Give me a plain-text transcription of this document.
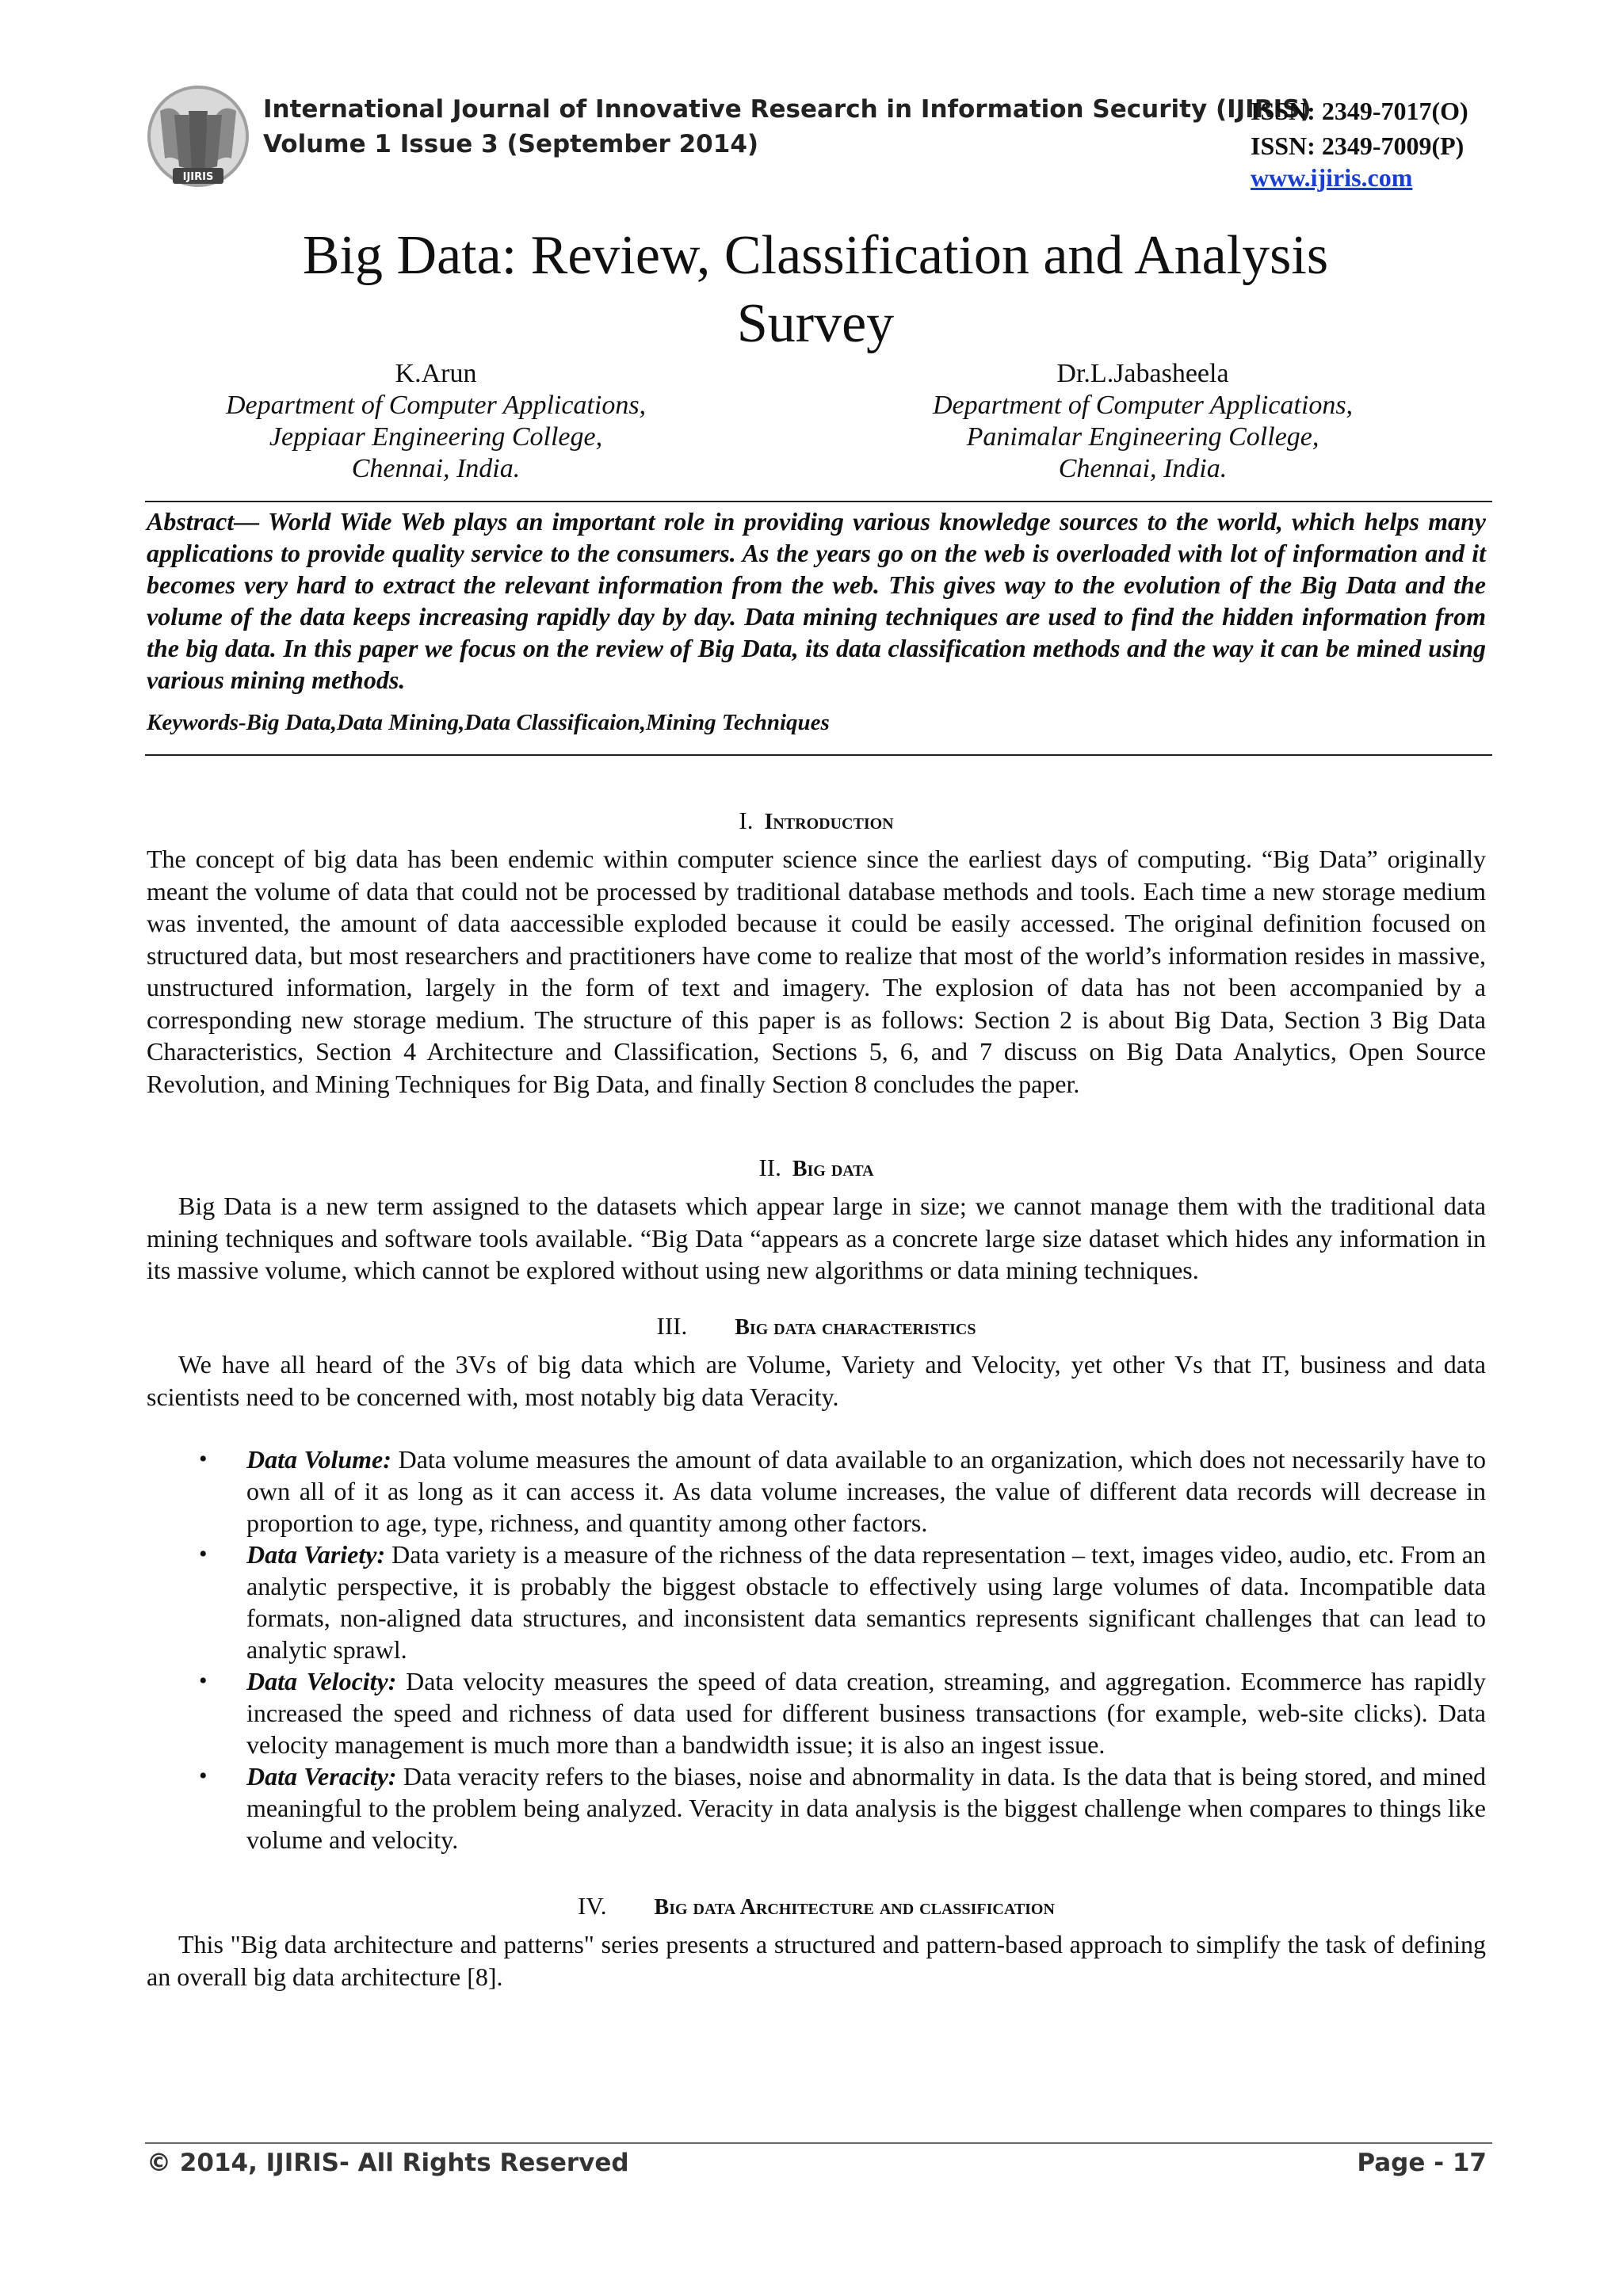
IJIRIS
International Journal of Innovative Research in Information Security (IJIRIS)
Volume 1 Issue 3 (September 2014)
ISSN: 2349-7017(O)
ISSN: 2349-7009(P)
www.ijiris.com
Big Data: Review, Classification and Analysis
Survey
K.Arun
Department of Computer Applications,
Jeppiaar Engineering College,
Chennai, India.
Dr.L.Jabasheela
Department of Computer Applications,
Panimalar Engineering College,
Chennai, India.

Abstract— World Wide Web plays an important role in providing various knowledge sources to the world, which helps many applications to provide quality service to the consumers. As the years go on the web is overloaded with lot of information and it becomes very hard to extract the relevant information from the web. This gives way to the evolution of the Big Data and the volume of the data keeps increasing rapidly day by day. Data mining techniques are used to find the hidden information from the big data. In this paper we focus on the review of Big Data, its data classification methods and the way it can be mined using various mining methods.

Keywords-Big Data,Data Mining,Data Classificaion,Mining Techniques

I. Introduction

The concept of big data has been endemic within computer science since the earliest days of computing. “Big Data” originally meant the volume of data that could not be processed by traditional database methods and tools. Each time a new storage medium was invented, the amount of data aaccessible exploded because it could be easily accessed. The original definition focused on structured data, but most researchers and practitioners have come to realize that most of the world’s information resides in massive, unstructured information, largely in the form of text and imagery. The explosion of data has not been accompanied by a corresponding new storage medium. The structure of this paper is as follows: Section 2 is about Big Data, Section 3 Big Data Characteristics, Section 4 Architecture and Classification, Sections 5, 6, and 7 discuss on Big Data Analytics, Open Source Revolution, and Mining Techniques for Big Data, and finally Section 8 concludes the paper.

II. Big data

Big Data is a new term assigned to the datasets which appear large in size; we cannot manage them with the traditional data mining techniques and software tools available. “Big Data “appears as a concrete large size dataset which hides any information in its massive volume, which cannot be explored without using new algorithms or data mining techniques.

III. Big data characteristics

We have all heard of the 3Vs of big data which are Volume, Variety and Velocity, yet other Vs that IT, business and data scientists need to be concerned with, most notably big data Veracity.

• Data Volume: Data volume measures the amount of data available to an organization, which does not necessarily have to own all of it as long as it can access it. As data volume increases, the value of different data records will decrease in proportion to age, type, richness, and quantity among other factors.
• Data Variety: Data variety is a measure of the richness of the data representation – text, images video, audio, etc. From an analytic perspective, it is probably the biggest obstacle to effectively using large volumes of data. Incompatible data formats, non-aligned data structures, and inconsistent data semantics represents significant challenges that can lead to analytic sprawl.
• Data Velocity: Data velocity measures the speed of data creation, streaming, and aggregation. Ecommerce has rapidly increased the speed and richness of data used for different business transactions (for example, web-site clicks). Data velocity management is much more than a bandwidth issue; it is also an ingest issue.
• Data Veracity: Data veracity refers to the biases, noise and abnormality in data. Is the data that is being stored, and mined meaningful to the problem being analyzed. Veracity in data analysis is the biggest challenge when compares to things like volume and velocity.
IV. Big data Architecture and classification

This "Big data architecture and patterns" series presents a structured and pattern-based approach to simplify the task of defining an overall big data architecture [8].

© 2014, IJIRIS- All Rights Reserved	Page - 17
